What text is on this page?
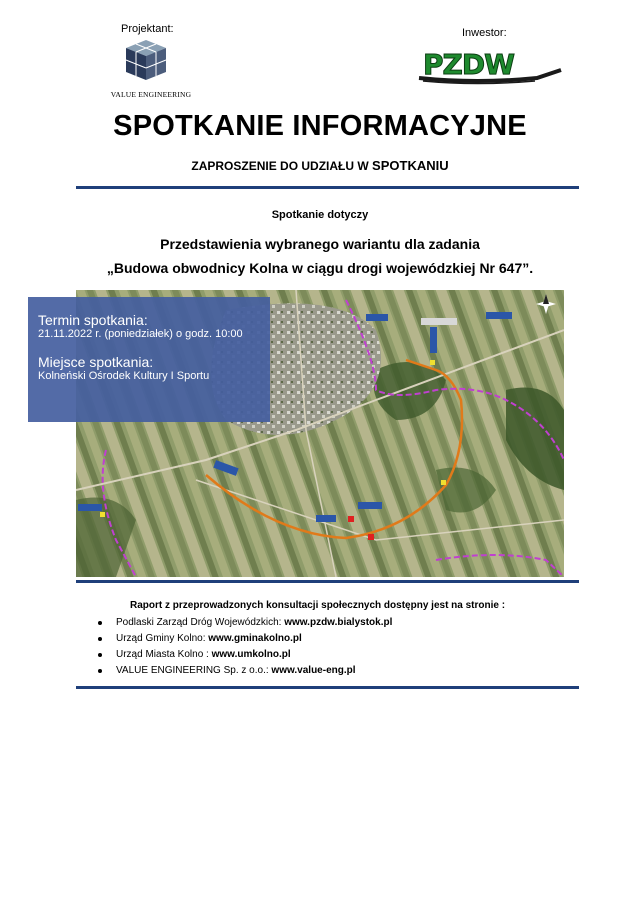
Projektant:	Inwestor:
VALUE ENGINEERING
PZDW
SPOTKANIE INFORMACYJNE
ZAPROSZENIE DO UDZIAŁU W SPOTKANIU
Spotkanie dotyczy
Przedstawienia wybranego wariantu dla zadania
„Budowa obwodnicy Kolna w ciągu drogi wojewódzkiej Nr 647”.
Termin spotkania:
21.11.2022 r. (poniedziałek) o godz. 10:00
Miejsce spotkania:
Kolneński Ośrodek Kultury I Sportu
Raport z przeprowadzonych konsultacji społecznych dostępny jest na stronie :
Podlaski Zarząd Dróg Wojewódzkich: www.pzdw.bialystok.pl
Urząd Gminy Kolno: www.gminakolno.pl
Urząd Miasta Kolno : www.umkolno.pl
VALUE ENGINEERING Sp. z o.o.: www.value-eng.pl
